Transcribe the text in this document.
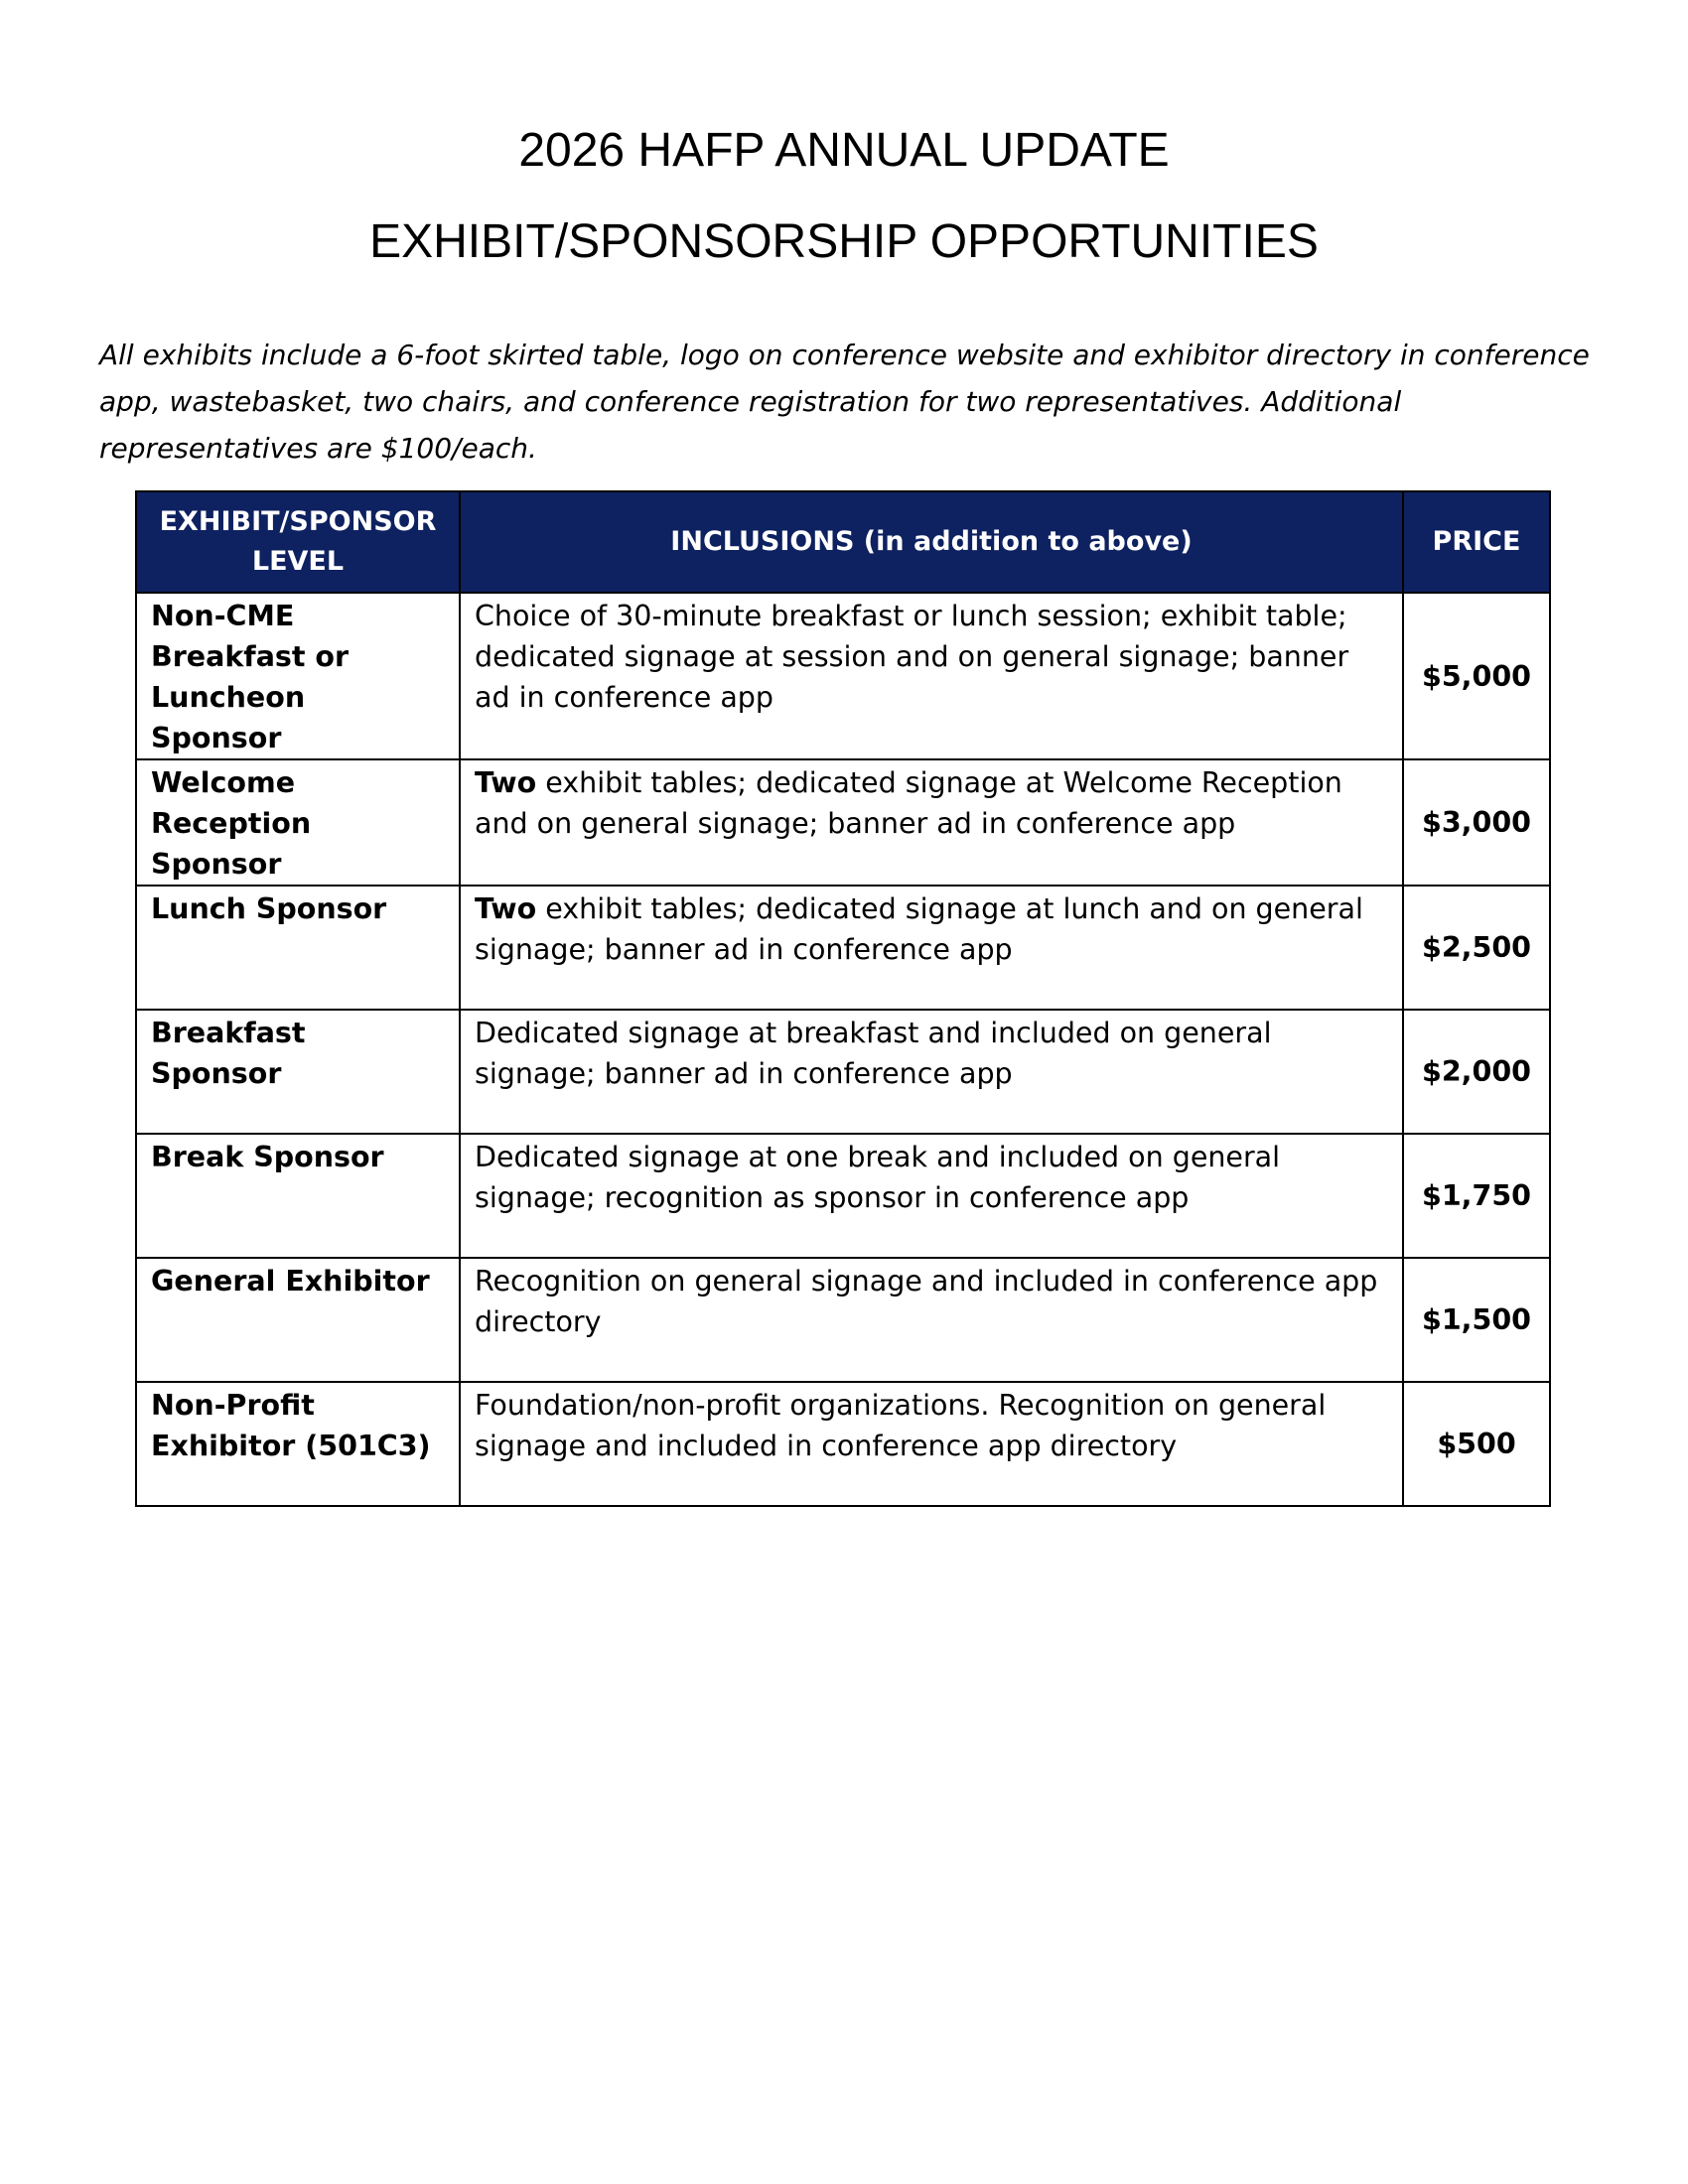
2026 HAFP ANNUAL UPDATE
EXHIBIT/SPONSORSHIP OPPORTUNITIES

All exhibits include a 6-foot skirted table, logo on conference website and exhibitor directory in conference app, wastebasket, two chairs, and conference registration for two representatives. Additional representatives are $100/each.

EXHIBIT/SPONSOR LEVEL	INCLUSIONS (in addition to above)	PRICE
Non-CME Breakfast or Luncheon Sponsor	Choice of 30-minute breakfast or lunch session; exhibit table; dedicated signage at session and on general signage; banner ad in conference app	$5,000
Welcome Reception Sponsor	Two exhibit tables; dedicated signage at Welcome Reception and on general signage; banner ad in conference app	$3,000
Lunch Sponsor	Two exhibit tables; dedicated signage at lunch and on general signage; banner ad in conference app	$2,500
Breakfast Sponsor	Dedicated signage at breakfast and included on general signage; banner ad in conference app	$2,000
Break Sponsor	Dedicated signage at one break and included on general signage; recognition as sponsor in conference app	$1,750
General Exhibitor	Recognition on general signage and included in conference app directory	$1,500
Non-Profit Exhibitor (501C3)	Foundation/non-profit organizations. Recognition on general signage and included in conference app directory	$500
